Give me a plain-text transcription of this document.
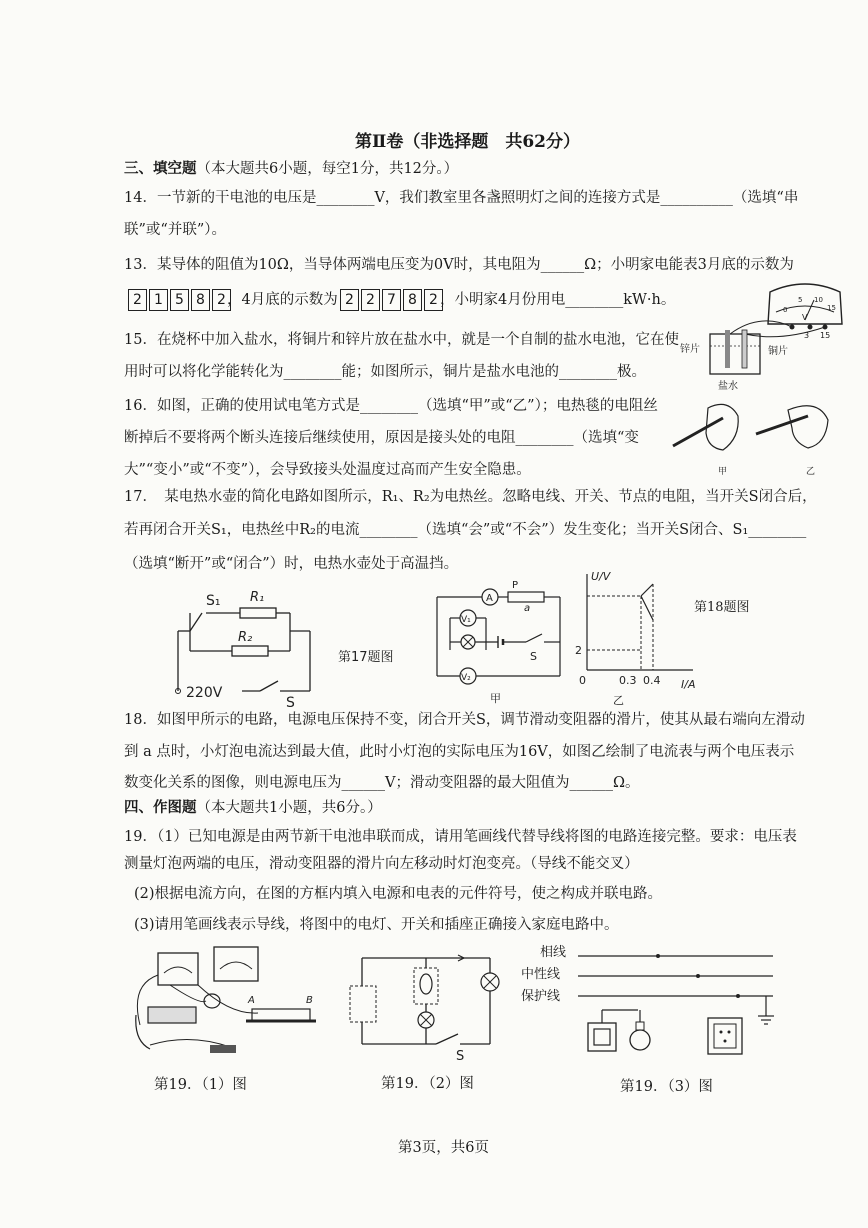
第Ⅱ卷（非选择题　共62分）
三、填空题（本大题共6小题，每空1分，共12分。）
14．一节新的干电池的电压是________V，我们教室里各盏照明灯之间的连接方式是__________（选填“串
联”或“并联”）。
13．某导体的阻值为10Ω，当导体两端电压变为0V时，其电阻为______Ω；小明家电能表3月底的示数为
2 1 5 8 2 ，4月底的示数为 2 2 7 8 2 ，小明家4月份用电________kW·h。
15．在烧杯中加入盐水，将铜片和锌片放在盐水中，就是一个自制的盐水电池，它在使
用时可以将化学能转化为________能；如图所示，铜片是盐水电池的________极。
0
5 10
15
V
3 15
锌片	铜片
盐水
16．如图，正确的使用试电笔方式是________（选填“甲”或“乙”）；电热毯的电阻丝
断掉后不要将两个断头连接后继续使用，原因是接头处的电阻________（选填“变
大”“变小”或“不变”），会导致接头处温度过高而产生安全隐患。	甲	乙
17．　某电热水壶的简化电路如图所示，R₁、R₂为电热丝。忽略电线、开关、节点的电阻，当开关S闭合后，
若再闭合开关S₁，电热丝中R₂的电流________（选填“会”或“不会”）发生变化；当开关S闭合、S₁________
（选填“断开”或“闭合”）时，电热水壶处于高温挡。
S₁ R₁
R₂
220V
S
第17题图
A
P
a
V₂
V₁
S
甲
U/V
I/A
2
0	0.3 0.4
乙
第18题图
18．如图甲所示的电路，电源电压保持不变，闭合开关S，调节滑动变阻器的滑片，使其从最右端向左滑动
到 a 点时，小灯泡电流达到最大值，此时小灯泡的实际电压为16V，如图乙绘制了电流表与两个电压表示
数变化关系的图像，则电源电压为______V；滑动变阻器的最大阻值为______Ω。
四、作图题（本大题共1小题，共6分。）
19．（1）已知电源是由两节新干电池串联而成，请用笔画线代替导线将图的电路连接完整。要求：电压表
测量灯泡两端的电压，滑动变阻器的滑片向左移动时灯泡变亮。（导线不能交叉）
(2)根据电流方向，在图的方框内填入电源和电表的元件符号，使之构成并联电路。
(3)请用笔画线表示导线，将图中的电灯、开关和插座正确接入家庭电路中。
A	B
第19．（1）图
S
第19．（2）图
相线
中性线
保护线
第19．（3）图
第3页，共6页
